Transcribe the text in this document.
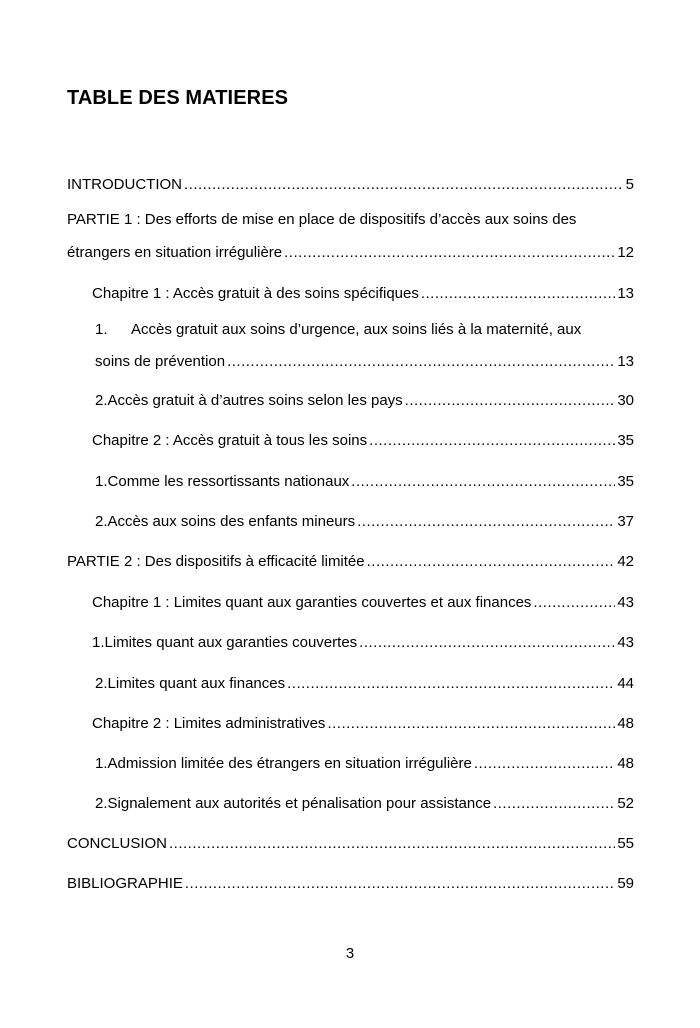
TABLE DES MATIERES
INTRODUCTION .....	5
PARTIE 1 : Des efforts de mise en place de dispositifs d’accès aux soins des
étrangers en situation irrégulière .....	12
Chapitre 1 : Accès gratuit à des soins spécifiques .....	13
1.	Accès gratuit aux soins d’urgence, aux soins liés à la maternité, aux
soins de prévention .....	13
2. Accès gratuit à d’autres soins selon les pays .....	30
Chapitre 2 : Accès gratuit à tous les soins .....	35
1. Comme les ressortissants nationaux .....	35
2. Accès aux soins des enfants mineurs .....	37
PARTIE 2 : Des dispositifs à efficacité limitée .....	42
Chapitre 1 : Limites quant aux garanties couvertes et aux finances .....	43
1. Limites quant aux garanties couvertes .....	43
2. Limites quant aux finances .....	44
Chapitre 2 : Limites administratives .....	48
1. Admission limitée des étrangers en situation irrégulière .....	48
2. Signalement aux autorités et pénalisation pour assistance .....	52
CONCLUSION .....	55
BIBLIOGRAPHIE .....	59
3
